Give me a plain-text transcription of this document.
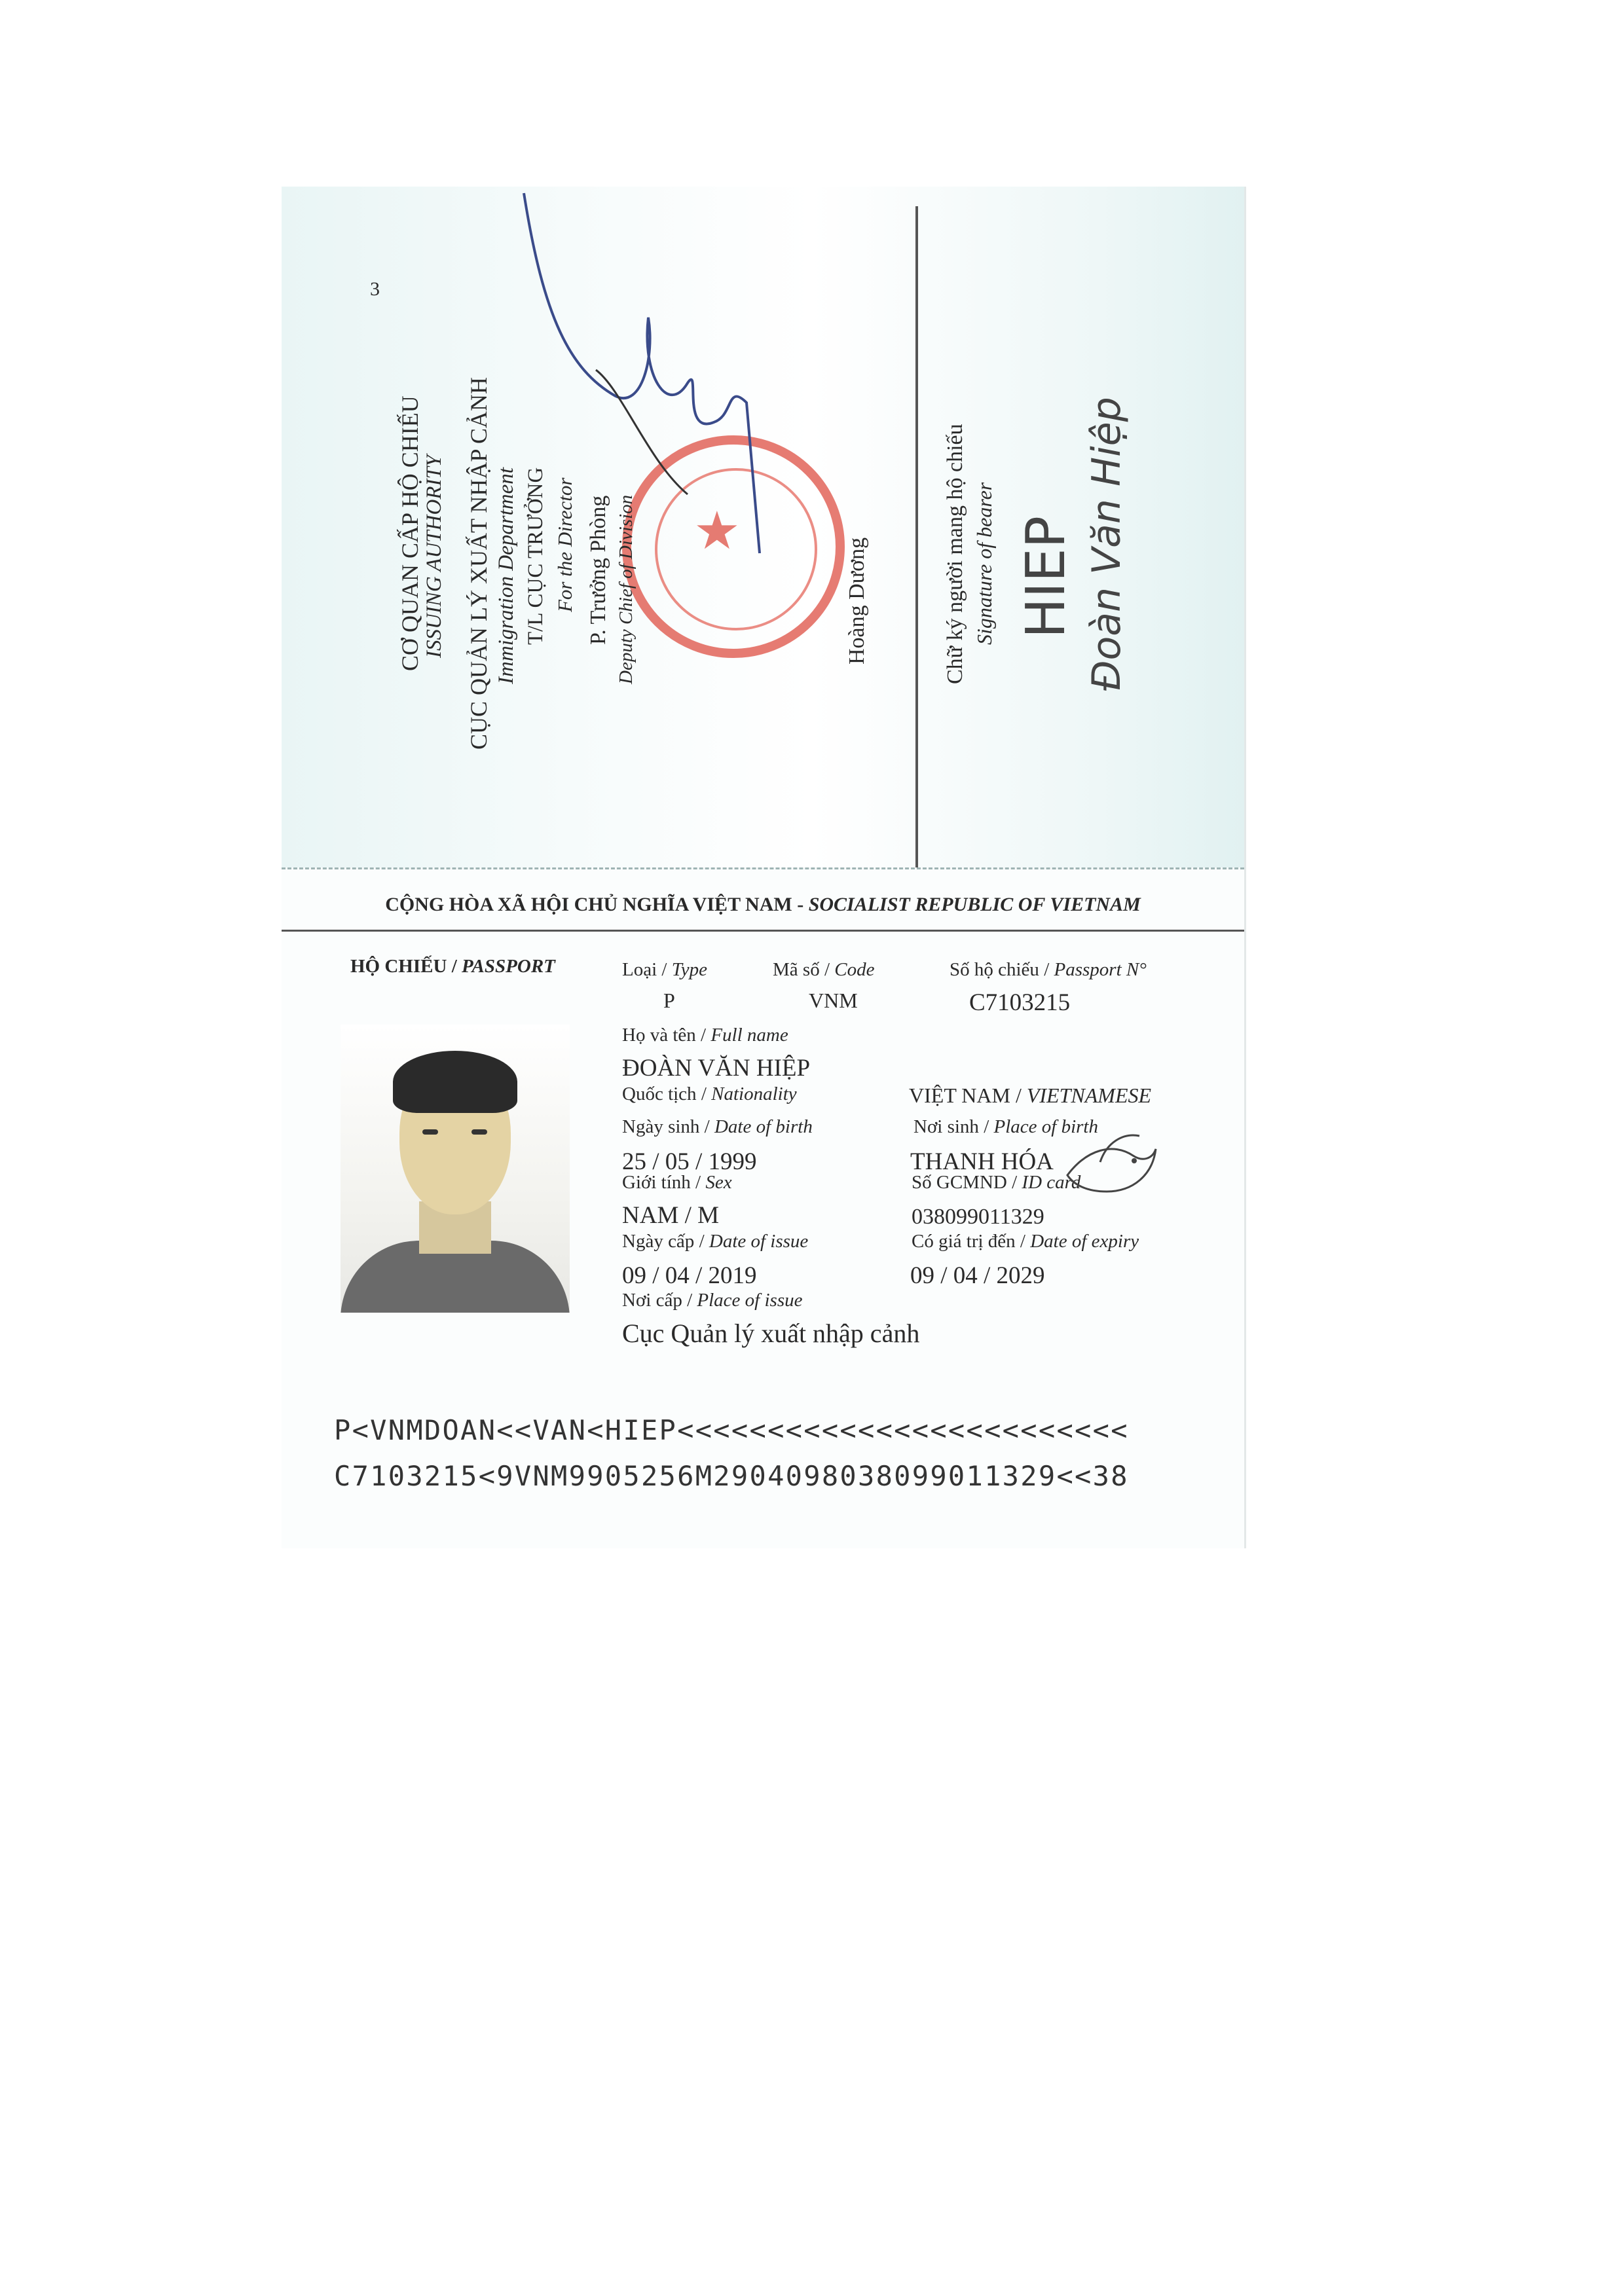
3
★
CƠ QUAN CẤP HỘ CHIẾU ISSUING AUTHORITY CỤC QUẢN LÝ XUẤT NHẬP CẢNH Immigration Department T/L CỤC TRƯỞNG For the Director P. Trưởng Phòng Deputy Chief of Division	Hoàng Dương	Chữ ký người mang hộ chiếu Signature of bearer HIEP Đoàn Văn Hiệp
CỘNG HÒA XÃ HỘI CHỦ NGHĨA VIỆT NAM - SOCIALIST REPUBLIC OF VIETNAM
HỘ CHIẾU / PASSPORT	Loại / Type	Mã số / Code	Số hộ chiếu / Passport N°
P	VNM	C7103215
Họ và tên / Full name
ĐOÀN VĂN HIỆP
Quốc tịch / Nationality	VIỆT NAM / VIETNAMESE
Ngày sinh / Date of birth	Nơi sinh / Place of birth
25 / 05 / 1999	THANH HÓA
Giới tính / Sex	Số GCMND / ID card
NAM / M	038099011329
Ngày cấp / Date of issue	Có giá trị đến / Date of expiry
09 / 04 / 2019	09 / 04 / 2029
Nơi cấp / Place of issue
Cục Quản lý xuất nhập cảnh
P<VNMDOAN<<VAN<HIEP<<<<<<<<<<<<<<<<<<<<<<<<<
C7103215<9VNM9905256M2904098038099011329<<38
